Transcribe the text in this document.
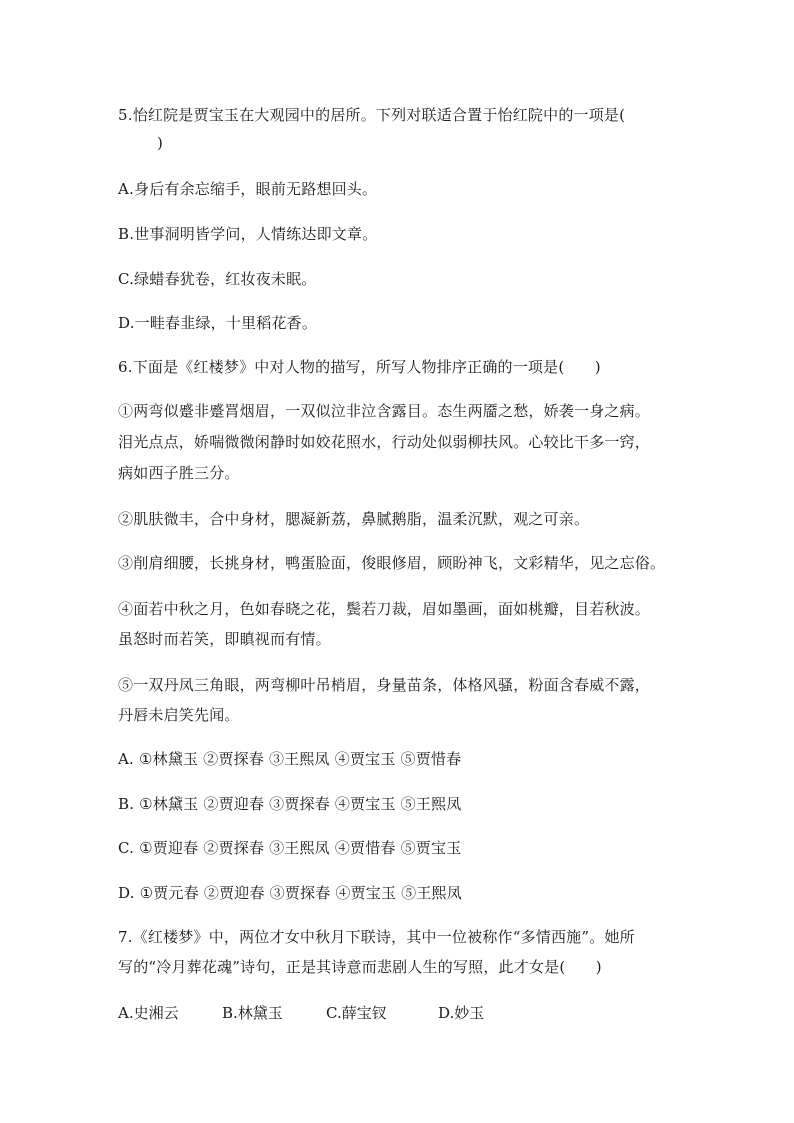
5.怡红院是贾宝玉在大观园中的居所。下列对联适合置于怡红院中的一项是(
)
A.身后有余忘缩手，眼前无路想回头。
B.世事洞明皆学问，人情练达即文章。
C.绿蜡春犹卷，红妆夜未眠。
D.一畦春韭绿，十里稻花香。
6.下面是《红楼梦》中对人物的描写，所写人物排序正确的一项是(　　)
①两弯似蹙非蹙罥烟眉，一双似泣非泣含露目。态生两靥之愁，娇袭一身之病。
泪光点点，娇喘微微闲静时如姣花照水，行动处似弱柳扶风。心较比干多一窍，
病如西子胜三分。
②肌肤微丰，合中身材，腮凝新荔，鼻腻鹅脂，温柔沉默，观之可亲。
③削肩细腰，长挑身材，鸭蛋脸面，俊眼修眉，顾盼神飞，文彩精华，见之忘俗。
④面若中秋之月，色如春晓之花，鬓若刀裁，眉如墨画，面如桃瓣，目若秋波。
虽怒时而若笑，即瞋视而有情。
⑤一双丹凤三角眼，两弯柳叶吊梢眉，身量苗条，体格风骚，粉面含春威不露，
丹唇未启笑先闻。
A. ①林黛玉 ②贾探春 ③王熙凤 ④贾宝玉 ⑤贾惜春
B. ①林黛玉 ②贾迎春 ③贾探春 ④贾宝玉 ⑤王熙凤
C. ①贾迎春 ②贾探春 ③王熙凤 ④贾惜春 ⑤贾宝玉
D. ①贾元春 ②贾迎春 ③贾探春 ④贾宝玉 ⑤王熙凤
7.《红楼梦》中，两位才女中秋月下联诗，其中一位被称作“多情西施”。她所
写的“冷月葬花魂”诗句，正是其诗意而悲剧人生的写照，此才女是(　　)
A.史湘云	B.林黛玉	C.薛宝钗	D.妙玉
